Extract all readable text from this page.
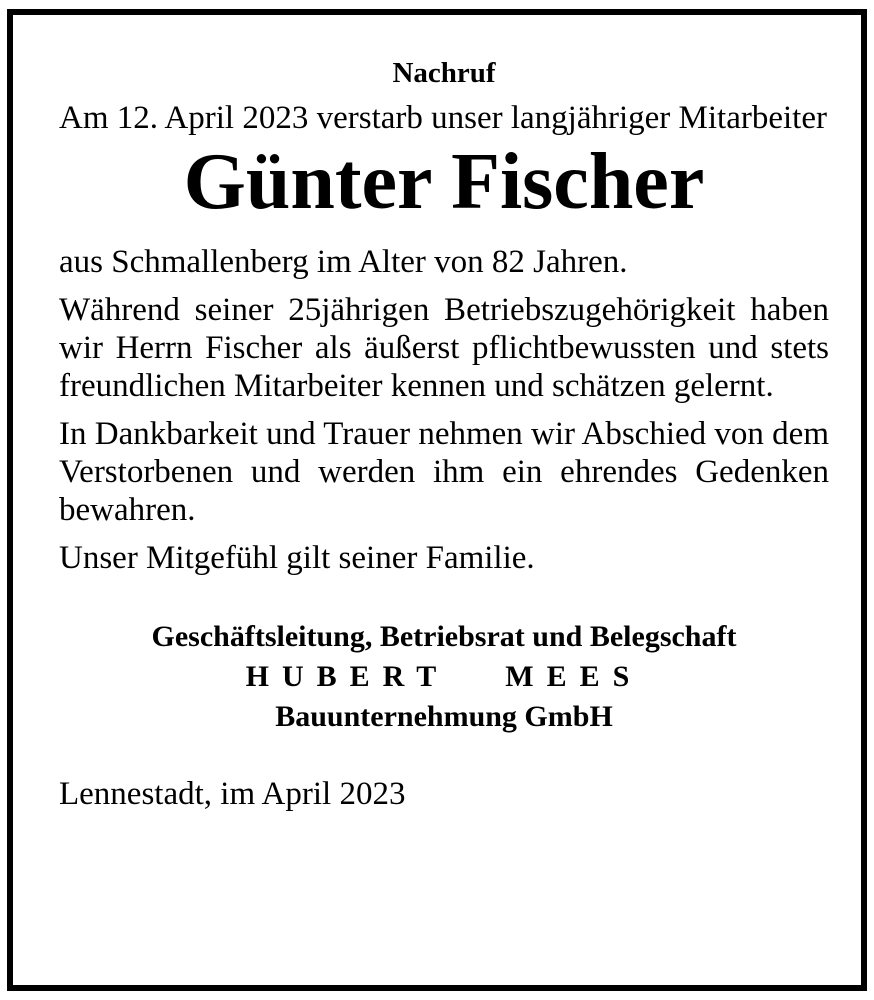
Nachruf

Am 12. April 2023 verstarb unser langjähriger Mitarbeiter

Günter Fischer

aus Schmallenberg im Alter von 82 Jahren.

Während seiner 25jährigen Betriebszugehörigkeit haben wir Herrn Fischer als äußerst pflichtbewussten und stets freundlichen Mitarbeiter kennen und schätzen gelernt.

In Dankbarkeit und Trauer nehmen wir Abschied von dem Verstorbenen und werden ihm ein ehrendes Gedenken bewahren.

Unser Mitgefühl gilt seiner Familie.

Geschäftsleitung, Betriebsrat und Belegschaft

HUBERT MEES

Bauunternehmung GmbH

Lennestadt, im April 2023
